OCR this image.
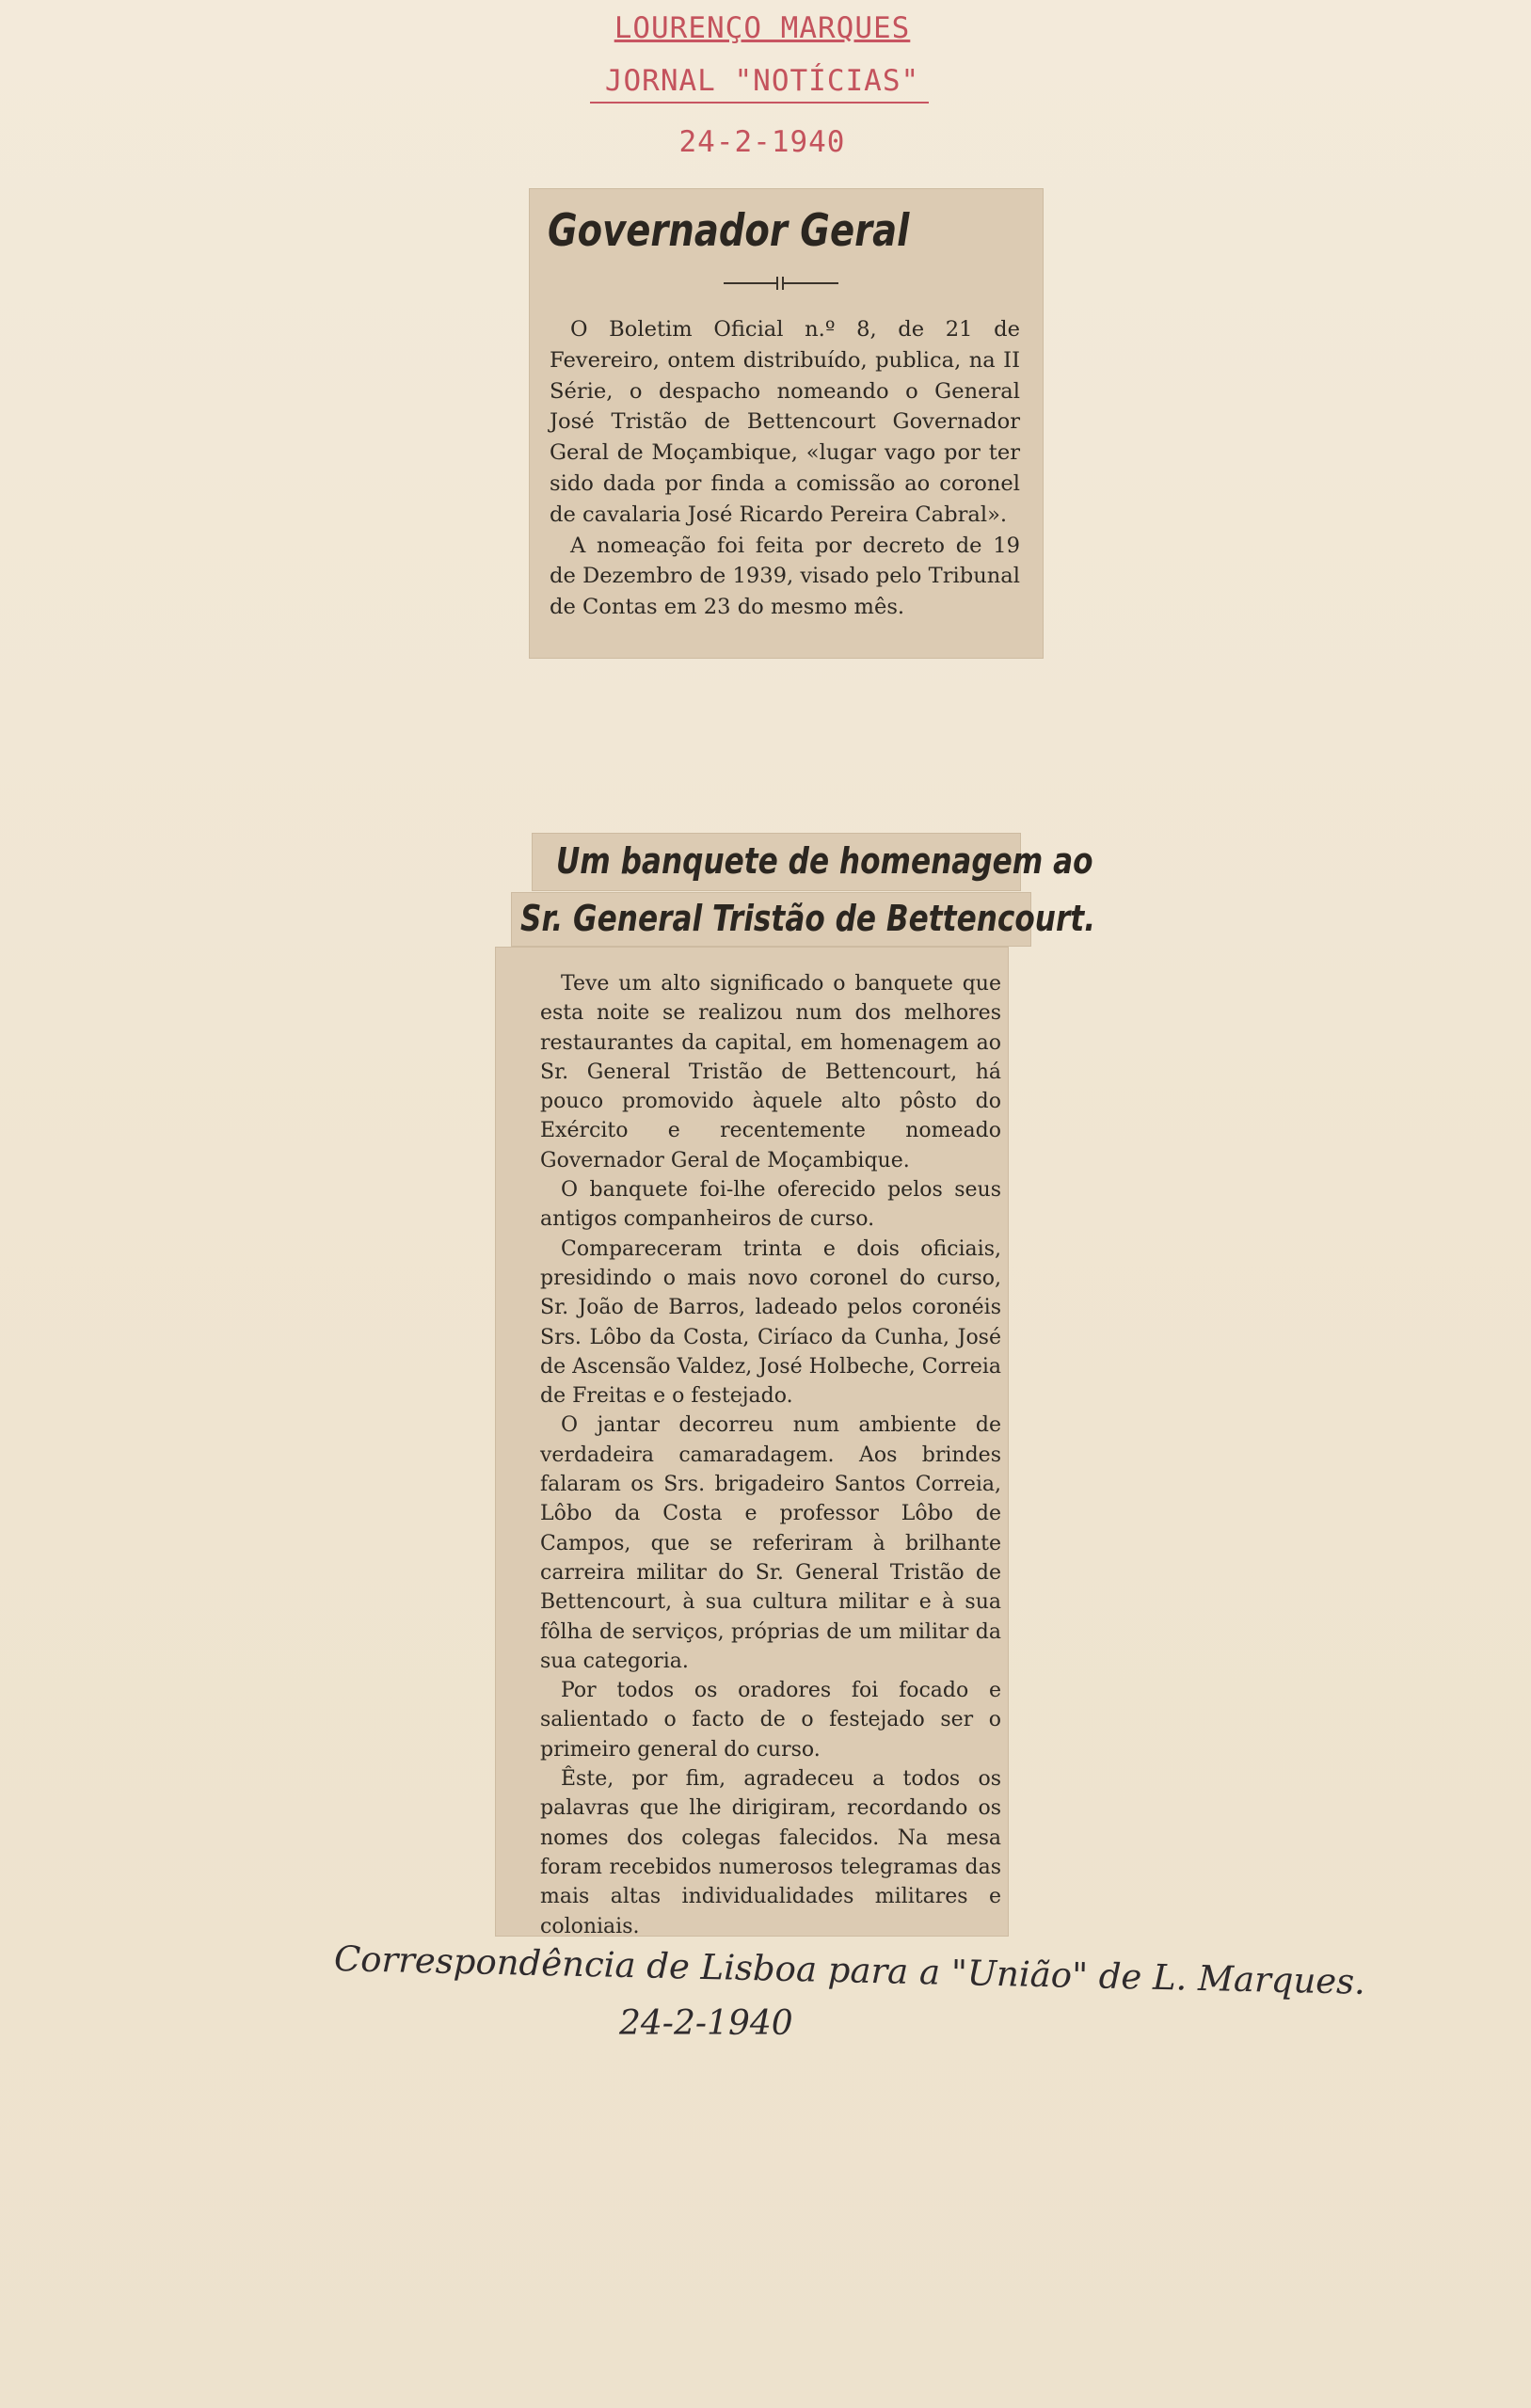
LOURENÇO MARQUES
JORNAL "NOTÍCIAS"
24-2-1940
Governador Geral

O Boletim Oficial n.º 8, de 21 de Fevereiro, ontem distribuído, publica, na II Série, o despacho nomeando o General José Tristão de Bettencourt Governador Geral de Moçambique, «lugar vago por ter sido dada por finda a comissão ao coronel de cavalaria José Ricardo Pereira Cabral».

A nomeação foi feita por decreto de 19 de Dezembro de 1939, visado pelo Tribunal de Contas em 23 do mesmo mês.

Um banquete de homenagem ao
Sr. General Tristão de Bettencourt.

Teve um alto significado o banquete que esta noite se realizou num dos melhores restaurantes da capital, em homenagem ao Sr. General Tristão de Bettencourt, há pouco promovido àquele alto pôsto do Exército e recentemente nomeado Governador Geral de Moçambique.

O banquete foi-lhe oferecido pelos seus antigos companheiros de curso.

Compareceram trinta e dois oficiais, presidindo o mais novo coronel do curso, Sr. João de Barros, ladeado pelos coronéis Srs. Lôbo da Costa, Ciríaco da Cunha, José de Ascensão Valdez, José Holbeche, Correia de Freitas e o festejado.

O jantar decorreu num ambiente de verdadeira camaradagem. Aos brindes falaram os Srs. brigadeiro Santos Correia, Lôbo da Costa e professor Lôbo de Campos, que se referiram à brilhante carreira militar do Sr. General Tristão de Bettencourt, à sua cultura militar e à sua fôlha de serviços, próprias de um militar da sua categoria.

Por todos os oradores foi focado e salientado o facto de o festejado ser o primeiro general do curso.

Êste, por fim, agradeceu a todos os palavras que lhe dirigiram, recordando os nomes dos colegas falecidos. Na mesa foram recebidos numerosos telegramas das mais altas individualidades militares e coloniais.

Correspondência de Lisboa para a "União" de L. Marques.
24-2-1940
